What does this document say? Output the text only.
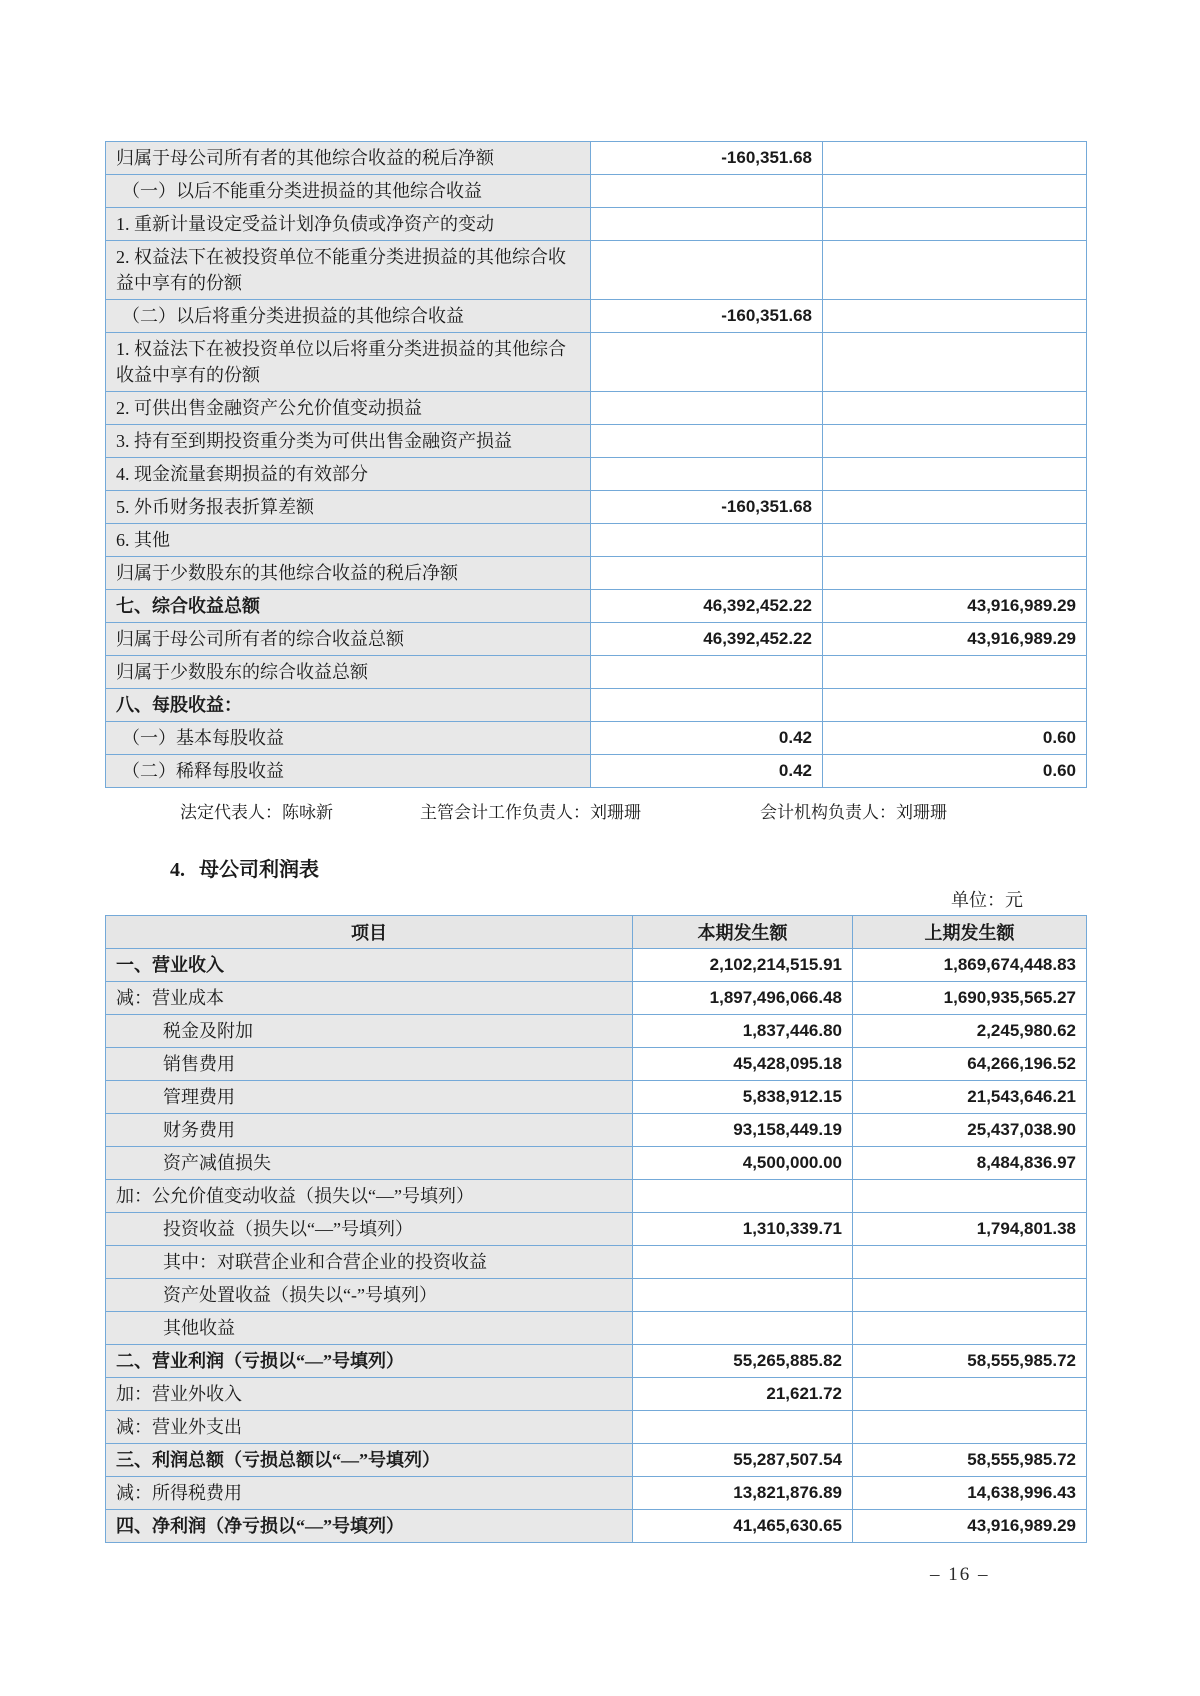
归属于母公司所有者的其他综合收益的税后净额	-160,351.68	
（一）以后不能重分类进损益的其他综合收益		
1. 重新计量设定受益计划净负债或净资产的变动		
2. 权益法下在被投资单位不能重分类进损益的其他综合收益中享有的份额		
（二）以后将重分类进损益的其他综合收益	-160,351.68	
1. 权益法下在被投资单位以后将重分类进损益的其他综合收益中享有的份额		
2. 可供出售金融资产公允价值变动损益		
3. 持有至到期投资重分类为可供出售金融资产损益		
4. 现金流量套期损益的有效部分		
5. 外币财务报表折算差额	-160,351.68	
6. 其他		
归属于少数股东的其他综合收益的税后净额		
七、综合收益总额	46,392,452.22	43,916,989.29
归属于母公司所有者的综合收益总额	46,392,452.22	43,916,989.29
归属于少数股东的综合收益总额		
八、每股收益：		
（一）基本每股收益	0.42	0.60
（二）稀释每股收益	0.42	0.60
法定代表人：陈咏新	主管会计工作负责人：刘珊珊	会计机构负责人：刘珊珊
4. 母公司利润表
单位：元
项目	本期发生额	上期发生额
一、营业收入	2,102,214,515.91	1,869,674,448.83
减：营业成本	1,897,496,066.48	1,690,935,565.27
税金及附加	1,837,446.80	2,245,980.62
销售费用	45,428,095.18	64,266,196.52
管理费用	5,838,912.15	21,543,646.21
财务费用	93,158,449.19	25,437,038.90
资产减值损失	4,500,000.00	8,484,836.97
加：公允价值变动收益（损失以“—”号填列）		
投资收益（损失以“—”号填列）	1,310,339.71	1,794,801.38
其中：对联营企业和合营企业的投资收益		
资产处置收益（损失以“-”号填列）		
其他收益		
二、营业利润（亏损以“—”号填列）	55,265,885.82	58,555,985.72
加：营业外收入	21,621.72	
减：营业外支出		
三、利润总额（亏损总额以“—”号填列）	55,287,507.54	58,555,985.72
减：所得税费用	13,821,876.89	14,638,996.43
四、净利润（净亏损以“—”号填列）	41,465,630.65	43,916,989.29
– 16 –
